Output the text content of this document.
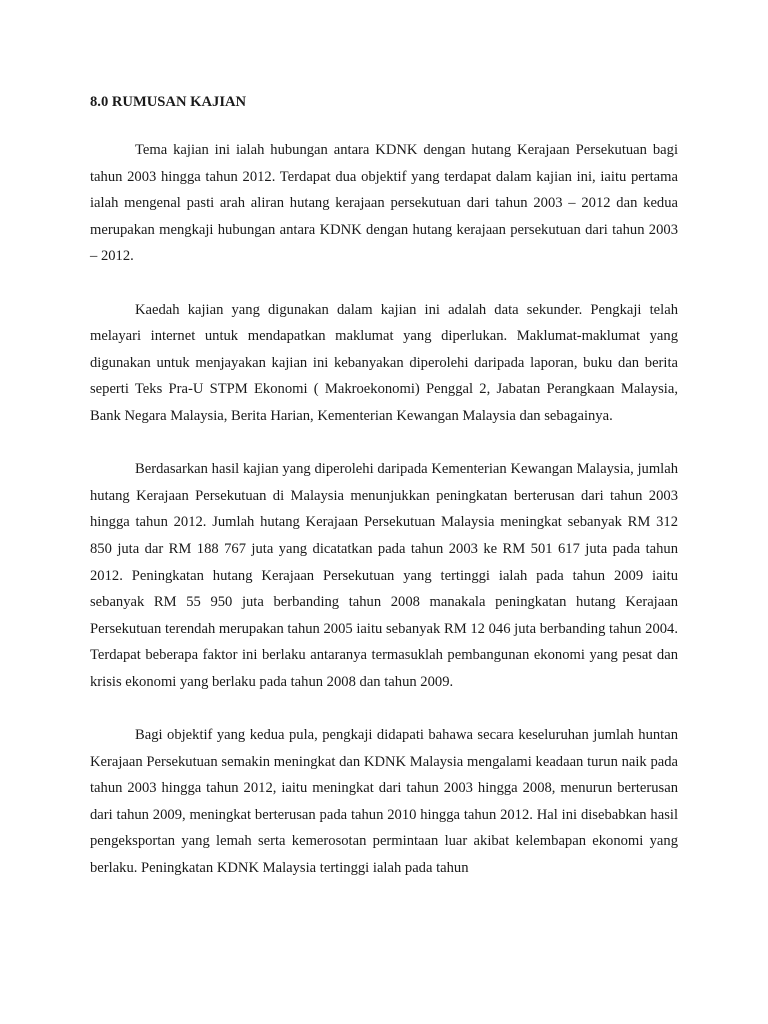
8.0 RUMUSAN KAJIAN

Tema kajian ini ialah hubungan antara KDNK dengan hutang Kerajaan Persekutuan bagi tahun 2003 hingga tahun 2012. Terdapat dua objektif yang terdapat dalam kajian ini, iaitu pertama ialah mengenal pasti arah aliran hutang kerajaan persekutuan dari tahun 2003 – 2012 dan kedua merupakan mengkaji hubungan antara KDNK dengan hutang kerajaan persekutuan dari tahun 2003 – 2012.

Kaedah kajian yang digunakan dalam kajian ini adalah data sekunder. Pengkaji telah melayari internet untuk mendapatkan maklumat yang diperlukan. Maklumat-maklumat yang digunakan untuk menjayakan kajian ini kebanyakan diperolehi daripada laporan, buku dan berita seperti Teks Pra-U STPM Ekonomi ( Makroekonomi) Penggal 2, Jabatan Perangkaan Malaysia, Bank Negara Malaysia, Berita Harian, Kementerian Kewangan Malaysia dan sebagainya.

Berdasarkan hasil kajian yang diperolehi daripada Kementerian Kewangan Malaysia, jumlah hutang Kerajaan Persekutuan di Malaysia menunjukkan peningkatan berterusan dari tahun 2003 hingga tahun 2012. Jumlah hutang Kerajaan Persekutuan Malaysia meningkat sebanyak RM 312 850 juta dar RM 188 767 juta yang dicatatkan pada tahun 2003 ke RM 501 617 juta pada tahun 2012. Peningkatan hutang Kerajaan Persekutuan yang tertinggi ialah pada tahun 2009 iaitu sebanyak RM 55 950 juta berbanding tahun 2008 manakala peningkatan hutang Kerajaan Persekutuan terendah merupakan tahun 2005 iaitu sebanyak RM 12 046 juta berbanding tahun 2004. Terdapat beberapa faktor ini berlaku antaranya termasuklah pembangunan ekonomi yang pesat dan krisis ekonomi yang berlaku pada tahun 2008 dan tahun 2009.

Bagi objektif yang kedua pula, pengkaji didapati bahawa secara keseluruhan jumlah huntan Kerajaan Persekutuan semakin meningkat dan KDNK Malaysia mengalami keadaan turun naik pada tahun 2003 hingga tahun 2012, iaitu meningkat dari tahun 2003 hingga 2008, menurun berterusan dari tahun 2009, meningkat berterusan pada tahun 2010 hingga tahun 2012. Hal ini disebabkan hasil pengeksportan yang lemah serta kemerosotan permintaan luar akibat kelembapan ekonomi yang berlaku. Peningkatan KDNK Malaysia tertinggi ialah pada tahun
